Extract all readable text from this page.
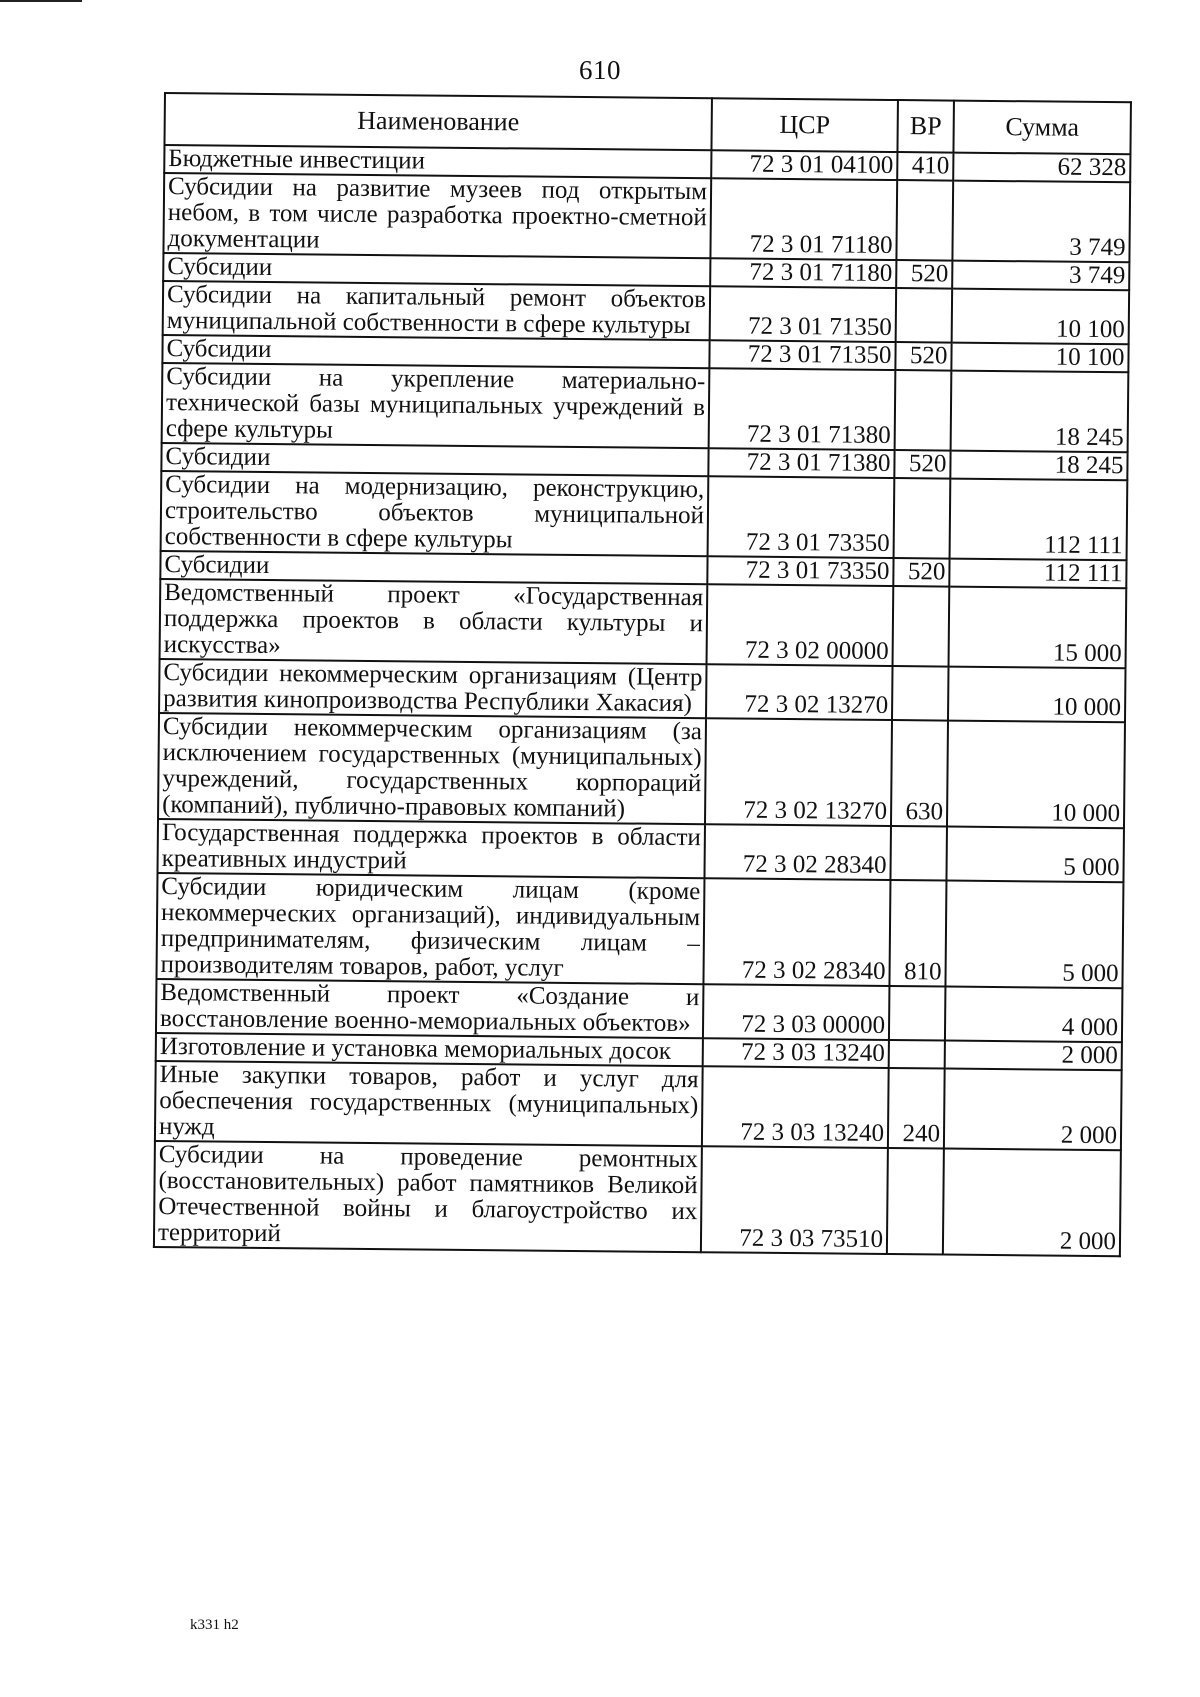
610
Наименование	ЦСР	ВР	Сумма
Бюджетные инвестиции	72 3 01 04100	410	62 328
Субсидии на развитие музеев под открытым небом, в том числе разработка проектно-сметной документации	72 3 01 71180		3 749
Субсидии	72 3 01 71180	520	3 749
Субсидии на капитальный ремонт объектов муниципальной собственности в сфере культуры	72 3 01 71350		10 100
Субсидии	72 3 01 71350	520	10 100
Субсидии на укрепление материально-технической базы муниципальных учреждений в сфере культуры	72 3 01 71380		18 245
Субсидии	72 3 01 71380	520	18 245
Субсидии на модернизацию, реконструкцию, строительство объектов муниципальной собственности в сфере культуры	72 3 01 73350		112 111
Субсидии	72 3 01 73350	520	112 111
Ведомственный проект «Государственная поддержка проектов в области культуры и искусства»	72 3 02 00000		15 000
Субсидии некоммерческим организациям (Центр развития кинопроизводства Республики Хакасия)	72 3 02 13270		10 000
Субсидии некоммерческим организациям (за исключением государственных (муниципальных) учреждений, государственных корпораций (компаний), публично-правовых компаний)	72 3 02 13270	630	10 000
Государственная поддержка проектов в области креативных индустрий	72 3 02 28340		5 000
Субсидии юридическим лицам (кроме некоммерческих организаций), индивидуальным предпринимателям, физическим лицам – производителям товаров, работ, услуг	72 3 02 28340	810	5 000
Ведомственный проект «Создание и восстановление военно-мемориальных объектов»	72 3 03 00000		4 000
Изготовление и установка мемориальных досок	72 3 03 13240		2 000
Иные закупки товаров, работ и услуг для обеспечения государственных (муниципальных) нужд	72 3 03 13240	240	2 000
Субсидии на проведение ремонтных (восстановительных) работ памятников Великой Отечественной войны и благоустройство их территорий	72 3 03 73510		2 000
k331 h2
